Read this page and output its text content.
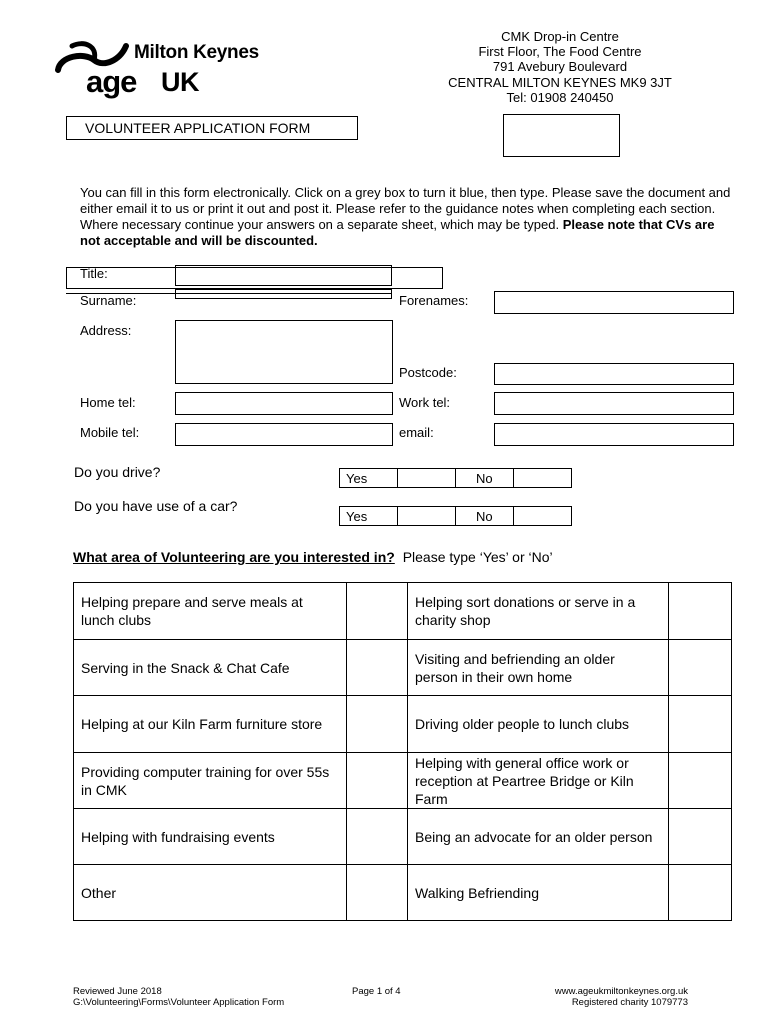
Milton Keynes
age UK
CMK Drop-in Centre
First Floor, The Food Centre
791 Avebury Boulevard
CENTRAL MILTON KEYNES MK9 3JT
Tel: 01908 240450
VOLUNTEER APPLICATION FORM
You can fill in this form electronically. Click on a grey box to turn it blue, then type. Please save the document and either email it to us or print it out and post it. Please refer to the guidance notes when completing each section. Where necessary continue your answers on a separate sheet, which may be typed. Please note that CVs are not acceptable and will be discounted.
Title:
Surname:	Forenames:
Address:
Postcode:
Home tel:	Work tel:
Mobile tel:	email:
Do you drive?	Yes		No	
Do you have use of a car?
Yes		No	
What area of Volunteering are you interested in? Please type ‘Yes’ or ‘No’
Helping prepare and serve meals at lunch clubs		Helping sort donations or serve in a charity shop	
Serving in the Snack & Chat Cafe		Visiting and befriending an older person in their own home	
Helping at our Kiln Farm furniture store		Driving older people to lunch clubs	
Providing computer training for over 55s in CMK		Helping with general office work or reception at Peartree Bridge or Kiln Farm	
Helping with fundraising events		Being an advocate for an older person	
Other		Walking Befriending	
Reviewed June 2018
G:\Volunteering\Forms\Volunteer Application Form
Page 1 of 4	www.ageukmiltonkeynes.org.uk
Registered charity 1079773
